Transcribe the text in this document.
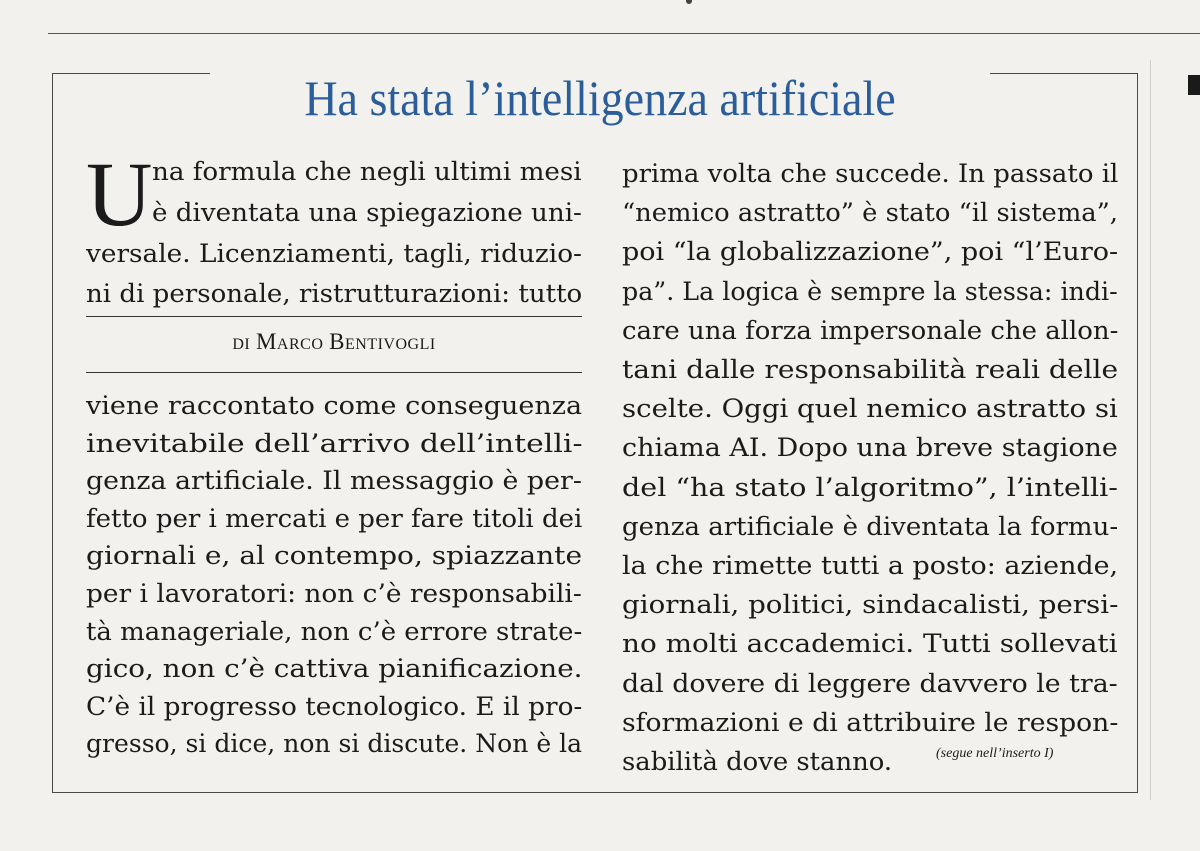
Ha stata l’intelligenza artificiale
U na formula che negli ultimi mesi
è diventata una spiegazione uni-
versale. Licenziamenti, tagli, riduzio-
ni di personale, ristrutturazioni: tutto
DI MARCO BENTIVOGLI
viene raccontato come conseguenza
inevitabile dell’arrivo dell’intelli-
genza artificiale. Il messaggio è per-
fetto per i mercati e per fare titoli dei
giornali e, al contempo, spiazzante
per i lavoratori: non c’è responsabili-
tà manageriale, non c’è errore strate-
gico, non c’è cattiva pianificazione.
C’è il progresso tecnologico. E il pro-
gresso, si dice, non si discute. Non è la
prima volta che succede. In passato il
“nemico astratto” è stato “il sistema”,
poi “la globalizzazione”, poi “l’Euro-
pa”. La logica è sempre la stessa: indi-
care una forza impersonale che allon-
tani dalle responsabilità reali delle
scelte. Oggi quel nemico astratto si
chiama AI. Dopo una breve stagione
del “ha stato l’algoritmo”, l’intelli-
genza artificiale è diventata la formu-
la che rimette tutti a posto: aziende,
giornali, politici, sindacalisti, persi-
no molti accademici. Tutti sollevati
dal dovere di leggere davvero le tra-
sformazioni e di attribuire le respon-
sabilità dove stanno.	(segue nell’inserto I)
